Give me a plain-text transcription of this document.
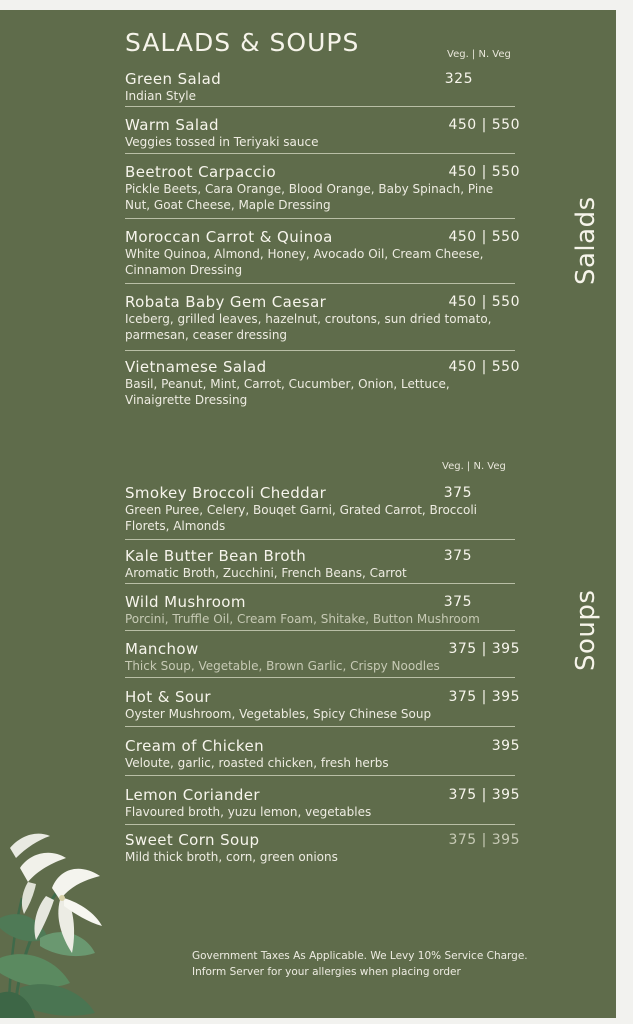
SALADS & SOUPS	Veg. | N. Veg
Green Salad
Indian Style
325
Warm Salad
Veggies tossed in Teriyaki sauce
450 | 550
Beetroot Carpaccio
Pickle Beets, Cara Orange, Blood Orange, Baby Spinach, Pine Nut, Goat Cheese, Maple Dressing
450 | 550
Moroccan Carrot & Quinoa
White Quinoa, Almond, Honey, Avocado Oil, Cream Cheese, Cinnamon Dressing
450 | 550
Robata Baby Gem Caesar
Iceberg, grilled leaves, hazelnut, croutons, sun dried tomato, parmesan, ceaser dressing
450 | 550
Vietnamese Salad
Basil, Peanut, Mint, Carrot, Cucumber, Onion, Lettuce, Vinaigrette Dressing
450 | 550
Salads
Veg. | N. Veg
Smokey Broccoli Cheddar
Green Puree, Celery, Bouqet Garni, Grated Carrot, Broccoli Florets, Almonds
375
Kale Butter Bean Broth
Aromatic Broth, Zucchini, French Beans, Carrot
375
Wild Mushroom
Porcini, Truffle Oil, Cream Foam, Shitake, Button Mushroom
375
Manchow
Thick Soup, Vegetable, Brown Garlic, Crispy Noodles
375 | 395
Hot & Sour
Oyster Mushroom, Vegetables, Spicy Chinese Soup
375 | 395
Cream of Chicken
Veloute, garlic, roasted chicken, fresh herbs
395
Lemon Coriander
Flavoured broth, yuzu lemon, vegetables
375 | 395
Sweet Corn Soup
Mild thick broth, corn, green onions
375 | 395
Soups
Government Taxes As Applicable. We Levy 10% Service Charge.
Inform Server for your allergies when placing order
